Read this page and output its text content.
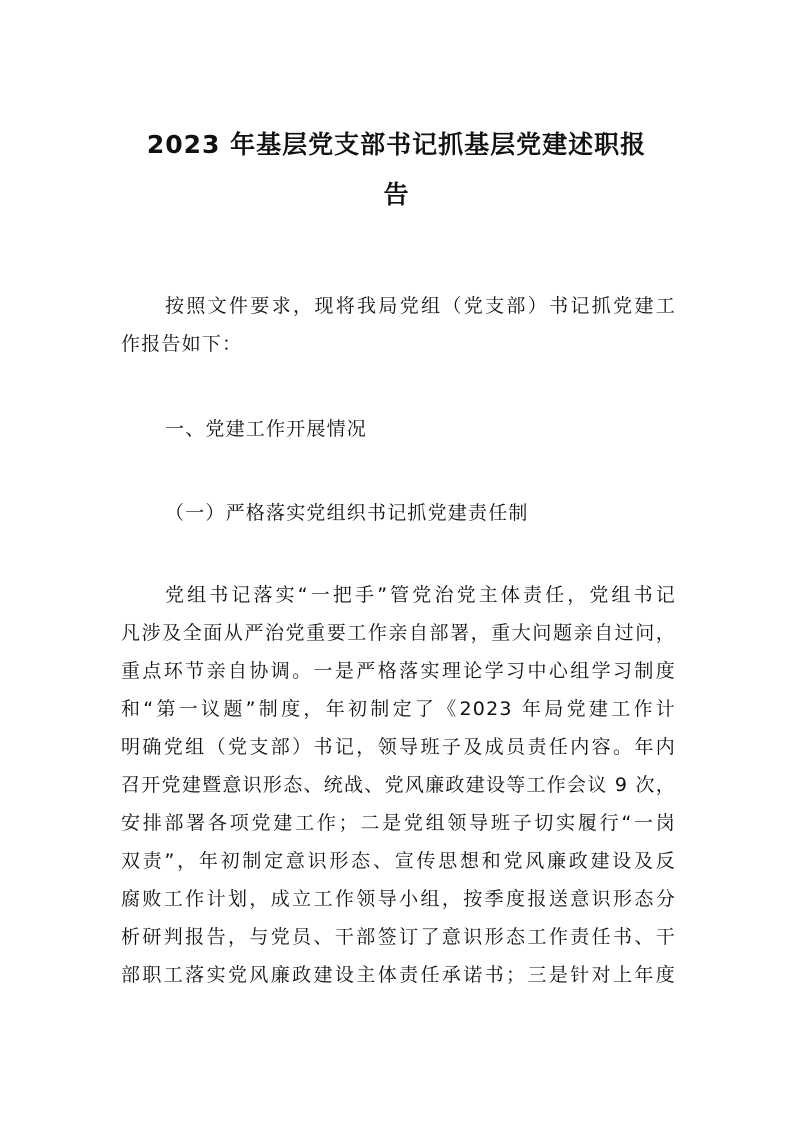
2023 年基层党支部书记抓基层党建述职报
告
按照文件要求，现将我局党组（党支部）书记抓党建工
作报告如下：
一、党建工作开展情况
（一）严格落实党组织书记抓党建责任制
党组书记落实“一把手”管党治党主体责任，党组书记
凡涉及全面从严治党重要工作亲自部署，重大问题亲自过问，
重点环节亲自协调。一是严格落实理论学习中心组学习制度
和“第一议题”制度，年初制定了《2023 年局党建工作计
明确党组（党支部）书记，领导班子及成员责任内容。年内
召开党建暨意识形态、统战、党风廉政建设等工作会议 9 次，
安排部署各项党建工作；二是党组领导班子切实履行“一岗
双责”，年初制定意识形态、宣传思想和党风廉政建设及反
腐败工作计划，成立工作领导小组，按季度报送意识形态分
析研判报告，与党员、干部签订了意识形态工作责任书、干
部职工落实党风廉政建设主体责任承诺书；三是针对上年度
